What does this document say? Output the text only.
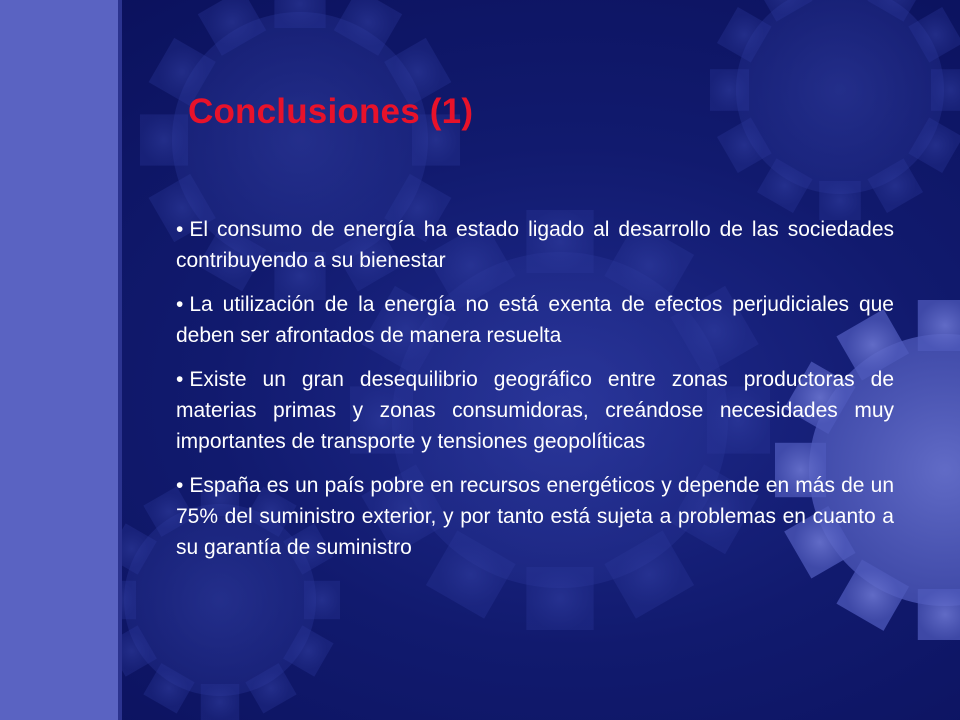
Conclusiones (1)
• El consumo de energía ha estado ligado al desarrollo de las sociedades contribuyendo a su bienestar
• La utilización de la energía no está exenta de efectos perjudiciales que deben ser afrontados de manera resuelta
• Existe un gran desequilibrio geográfico entre zonas productoras de materias primas y zonas consumidoras, creándose necesidades muy importantes de transporte y tensiones geopolíticas
• España es un país pobre en recursos energéticos y depende en más de un 75% del suministro exterior, y por tanto está sujeta a problemas en cuanto a su garantía de suministro
